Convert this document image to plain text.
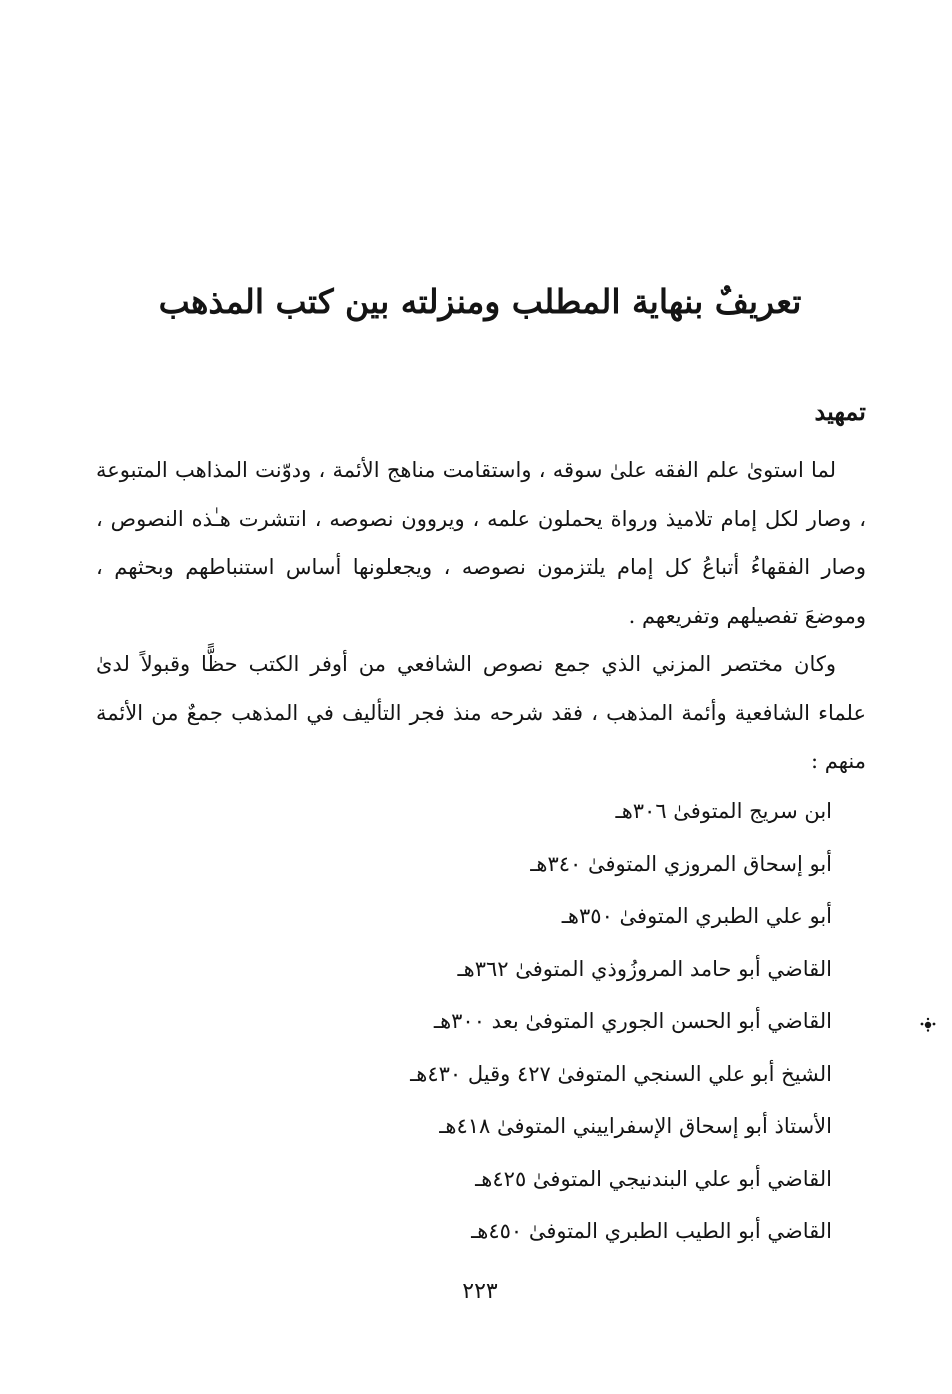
تعريفٌ بنهاية المطلب ومنزلته بين كتب المذهب
تمهيد

لما استوىٰ علم الفقه علىٰ سوقه ، واستقامت مناهج الأئمة ، ودوّنت المذاهب المتبوعة ، وصار لكل إمام تلاميذ ورواة يحملون علمه ، ويروون نصوصه ، انتشرت هـٰذه النصوص ، وصار الفقهاءُ أتباعُ كل إمام يلتزمون نصوصه ، ويجعلونها أساس استنباطهم وبحثهم ، وموضعَ تفصيلهم وتفريعهم .

وكان مختصر المزني الذي جمع نصوص الشافعي من أوفر الكتب حظًّا وقبولاً لدىٰ علماء الشافعية وأئمة المذهب ، فقد شرحه منذ فجر التأليف في المذهب جمعٌ من الأئمة منهم :

ابن سريج المتوفىٰ ٣٠٦هـ
أبو إسحاق المروزي المتوفىٰ ٣٤٠هـ
أبو علي الطبري المتوفىٰ ٣٥٠هـ
القاضي أبو حامد المروزُوذي المتوفىٰ ٣٦٢هـ
القاضي أبو الحسن الجوري المتوفىٰ بعد ٣٠٠هـ
الشيخ أبو علي السنجي المتوفىٰ ٤٢٧ وقيل ٤٣٠هـ
الأستاذ أبو إسحاق الإسفراييني المتوفىٰ ٤١٨هـ
القاضي أبو علي البندنيجي المتوفىٰ ٤٢٥هـ
القاضي أبو الطيب الطبري المتوفىٰ ٤٥٠هـ
٢٢٣
